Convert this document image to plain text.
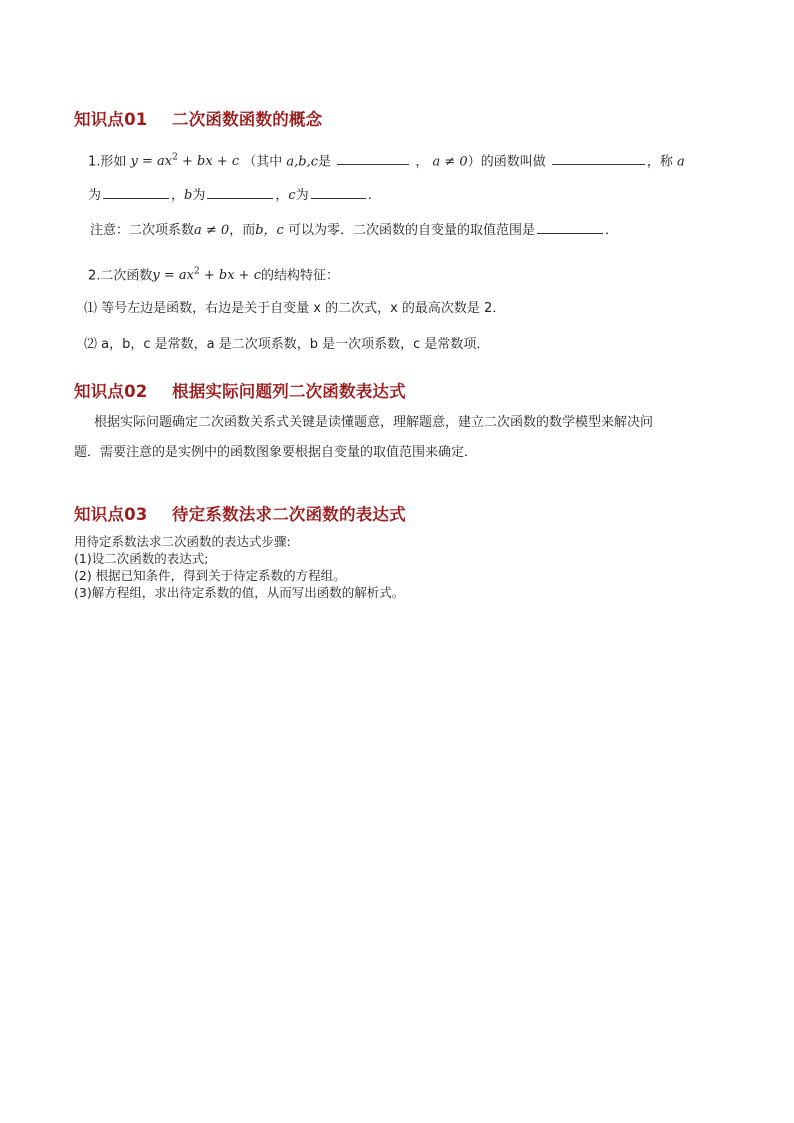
知识点01 二次函数函数的概念
1.形如 $y = ax^2$ + bx + c （其中 a,b,c是	， a ≠ 0）的函数叫做	，称 a
为	，b为	，c为	.
注意：二次项系数a ≠ 0，而b，c 可以为零．二次函数的自变量的取值范围是	．
2.二次函数$y = ax^2$ + bx + c的结构特征：
⑴ 等号左边是函数，右边是关于自变量 x 的二次式，x 的最高次数是 2．
⑵ a，b，c 是常数，a 是二次项系数，b 是一次项系数，c 是常数项．
知识点02 根据实际问题列二次函数表达式
根据实际问题确定二次函数关系式关键是读懂题意，理解题意，建立二次函数的数学模型来解决问
题．需要注意的是实例中的函数图象要根据自变量的取值范围来确定．
知识点03 待定系数法求二次函数的表达式
用待定系数法求二次函数的表达式步骤:
(1)设二次函数的表达式;
(2) 根据已知条件，得到关于待定系数的方程组。
(3)解方程组，求出待定系数的值，从而写出函数的解析式。
